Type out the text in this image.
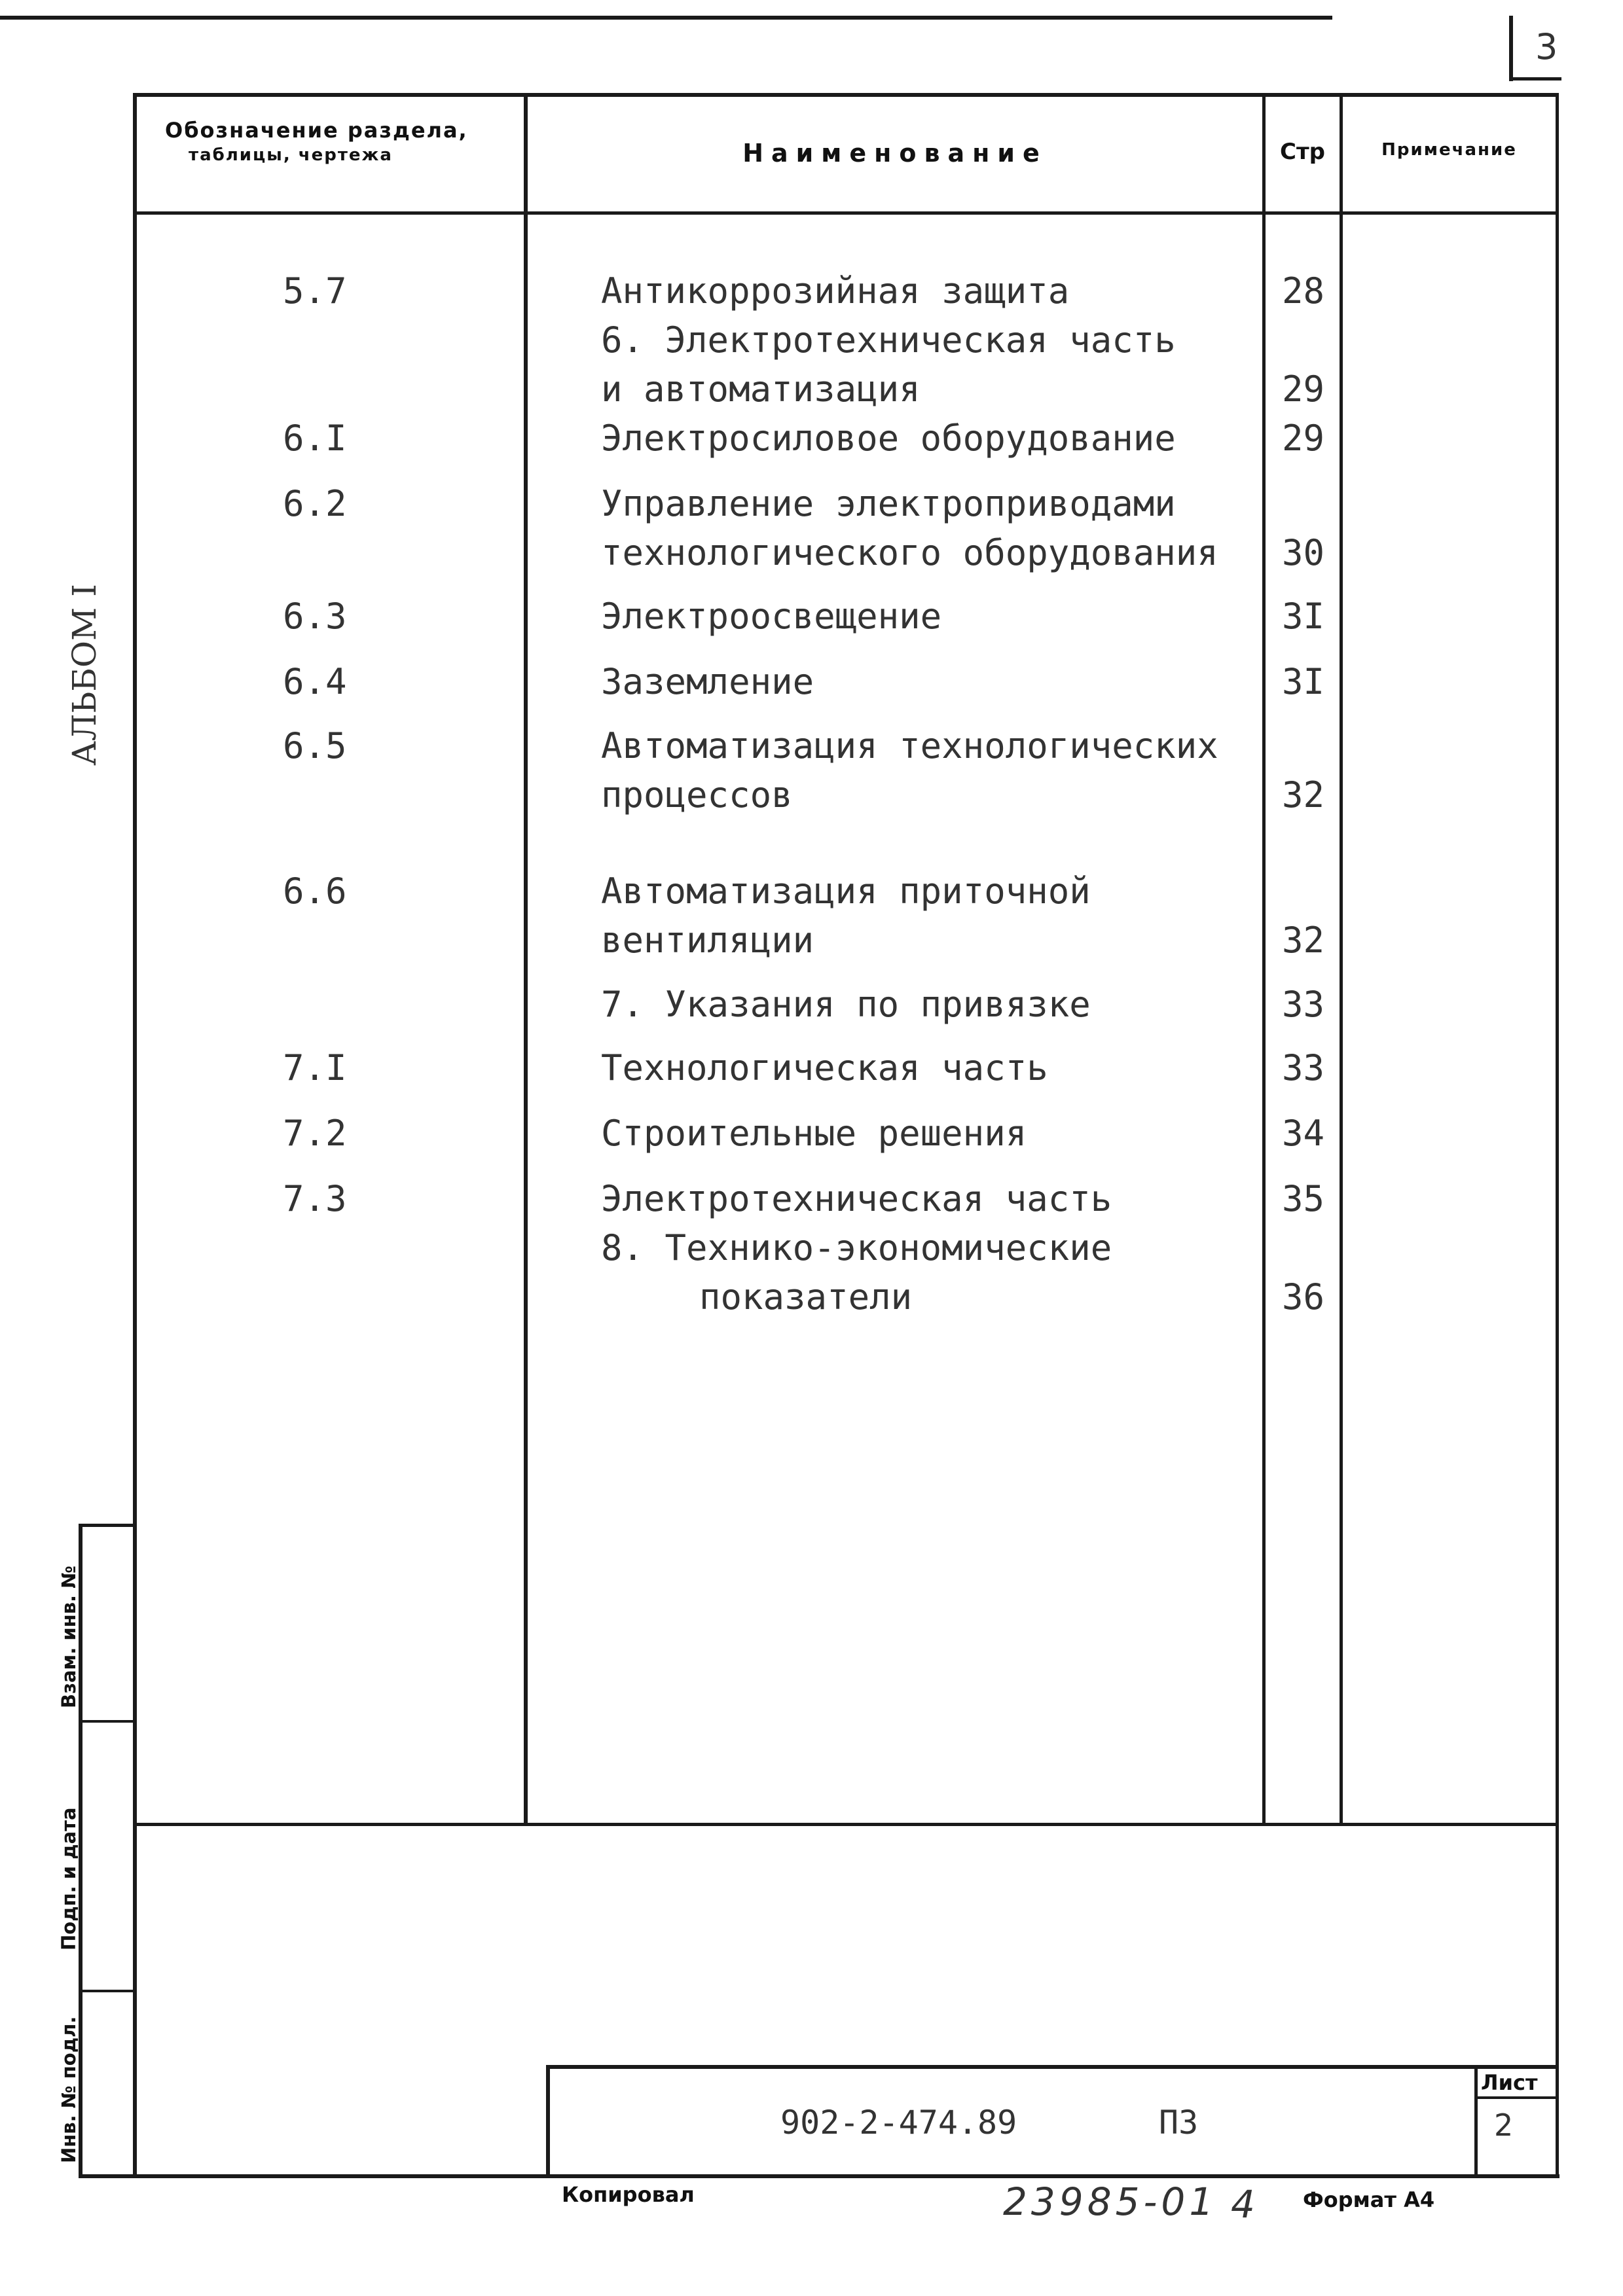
3
Обозначение раздела,
таблицы, чертежа	Наименование	Стр	Примечание
5.7	Антикоррозийная защита	28
6. Электротехническая часть
и автоматизация	29
6.I	Электросиловое оборудование	29
6.2	Управление электроприводами
технологического оборудования 30
6.3	Электроосвещение	3I
6.4	Заземление	3I
6.5	Автоматизация технологических
процессов	32
6.6	Автоматизация приточной
вентиляции	32
7. Указания по привязке	33
7.I	Технологическая часть	33
7.2	Строительные решения	34
7.3	Электротехническая часть	35
8. Технико-экономические
показатели	36
АЛЬБОМ I
Взам. инв. №
Подп. и дата
Инв. № подл.	902-2-474.89	ПЗ
Лист
2
Копировал	23985-01 4 Формат А4
